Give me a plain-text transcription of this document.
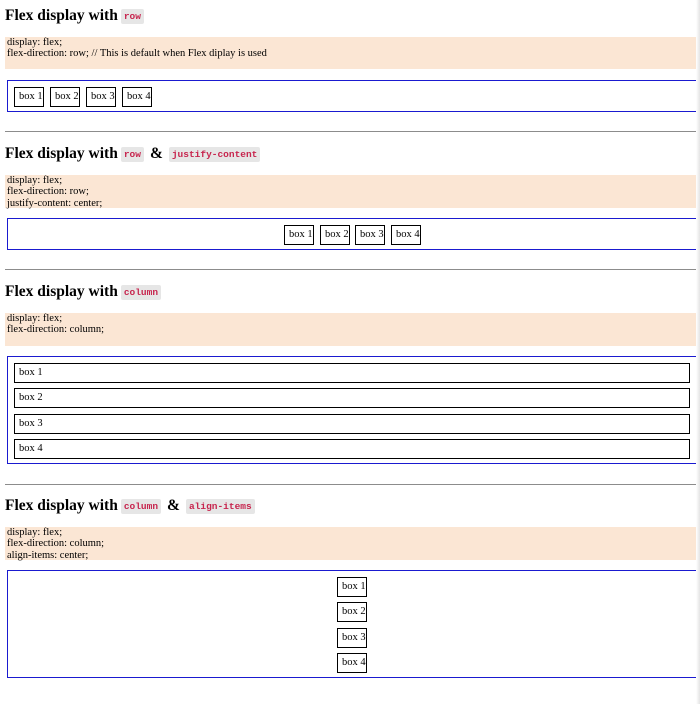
Flex display with row
display: flex;
flex-direction: row; // This is default when Flex diplay is used
box 1	box 2	box 3	box 4
Flex display with row & justify-content
display: flex;
flex-direction: row;
justify-content: center;
box 1	box 2	box 3	box 4
Flex display with column
display: flex;
flex-direction: column;
box 1
box 2
box 3
box 4
Flex display with column & align-items
display: flex;
flex-direction: column;
align-items: center;
box 1
box 2
box 3
box 4
